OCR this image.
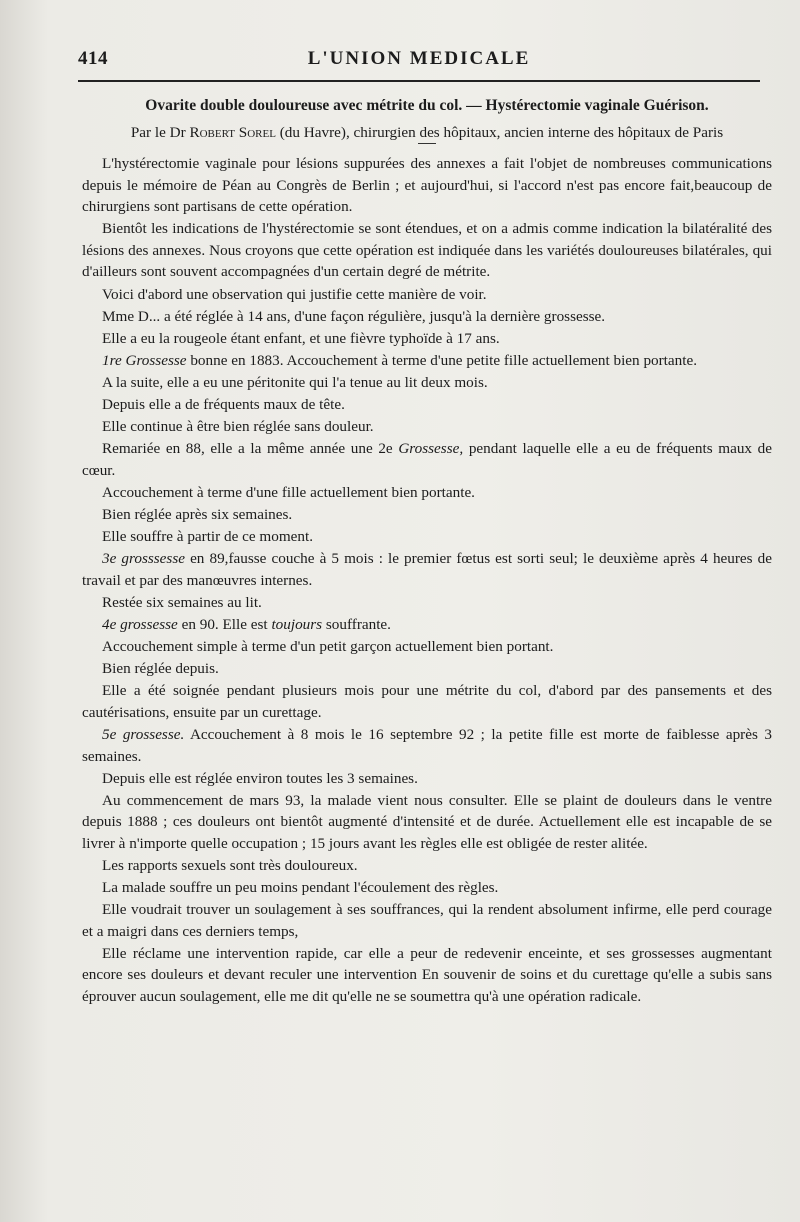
414	L'UNION MEDICALE
Ovarite double douloureuse avec métrite du col. — Hystérectomie vaginale Guérison.
Par le Dr Robert Sorel (du Havre), chirurgien des hôpitaux, ancien interne des hôpitaux de Paris

L'hystérectomie vaginale pour lésions suppurées des annexes a fait l'objet de nombreuses communications depuis le mémoire de Péan au Congrès de Berlin ; et aujourd'hui, si l'accord n'est pas encore fait,beaucoup de chirurgiens sont partisans de cette opération.

Bientôt les indications de l'hystérectomie se sont étendues, et on a admis comme indication la bilatéralité des lésions des annexes. Nous croyons que cette opération est indiquée dans les variétés douloureuses bilatérales, qui d'ailleurs sont souvent accompagnées d'un certain degré de métrite.

Voici d'abord une observation qui justifie cette manière de voir.

Mme D... a été réglée à 14 ans, d'une façon régulière, jusqu'à la dernière grossesse.

Elle a eu la rougeole étant enfant, et une fièvre typhoïde à 17 ans.

1re Grossesse bonne en 1883. Accouchement à terme d'une petite fille actuellement bien portante.

A la suite, elle a eu une péritonite qui l'a tenue au lit deux mois.

Depuis elle a de fréquents maux de tête.

Elle continue à être bien réglée sans douleur.

Remariée en 88, elle a la même année une 2e Grossesse, pendant laquelle elle a eu de fréquents maux de cœur.

Accouchement à terme d'une fille actuellement bien portante.

Bien réglée après six semaines.

Elle souffre à partir de ce moment.

3e grosssesse en 89,fausse couche à 5 mois : le premier fœtus est sorti seul; le deuxième après 4 heures de travail et par des manœuvres internes.

Restée six semaines au lit.

4e grossesse en 90. Elle est toujours souffrante.

Accouchement simple à terme d'un petit garçon actuellement bien portant.

Bien réglée depuis.

Elle a été soignée pendant plusieurs mois pour une métrite du col, d'abord par des pansements et des cautérisations, ensuite par un curettage.

5e grossesse. Accouchement à 8 mois le 16 septembre 92 ; la petite fille est morte de faiblesse après 3 semaines.

Depuis elle est réglée environ toutes les 3 semaines.

Au commencement de mars 93, la malade vient nous consulter. Elle se plaint de douleurs dans le ventre depuis 1888 ; ces douleurs ont bientôt augmenté d'intensité et de durée. Actuellement elle est incapable de se livrer à n'importe quelle occupation ; 15 jours avant les règles elle est obligée de rester alitée.

Les rapports sexuels sont très douloureux.

La malade souffre un peu moins pendant l'écoulement des règles.

Elle voudrait trouver un soulagement à ses souffrances, qui la rendent absolument infirme, elle perd courage et a maigri dans ces derniers temps,

Elle réclame une intervention rapide, car elle a peur de redevenir enceinte, et ses grossesses augmentant encore ses douleurs et devant reculer une intervention En souvenir de soins et du curettage qu'elle a subis sans éprouver aucun soulagement, elle me dit qu'elle ne se soumettra qu'à une opération radicale.
